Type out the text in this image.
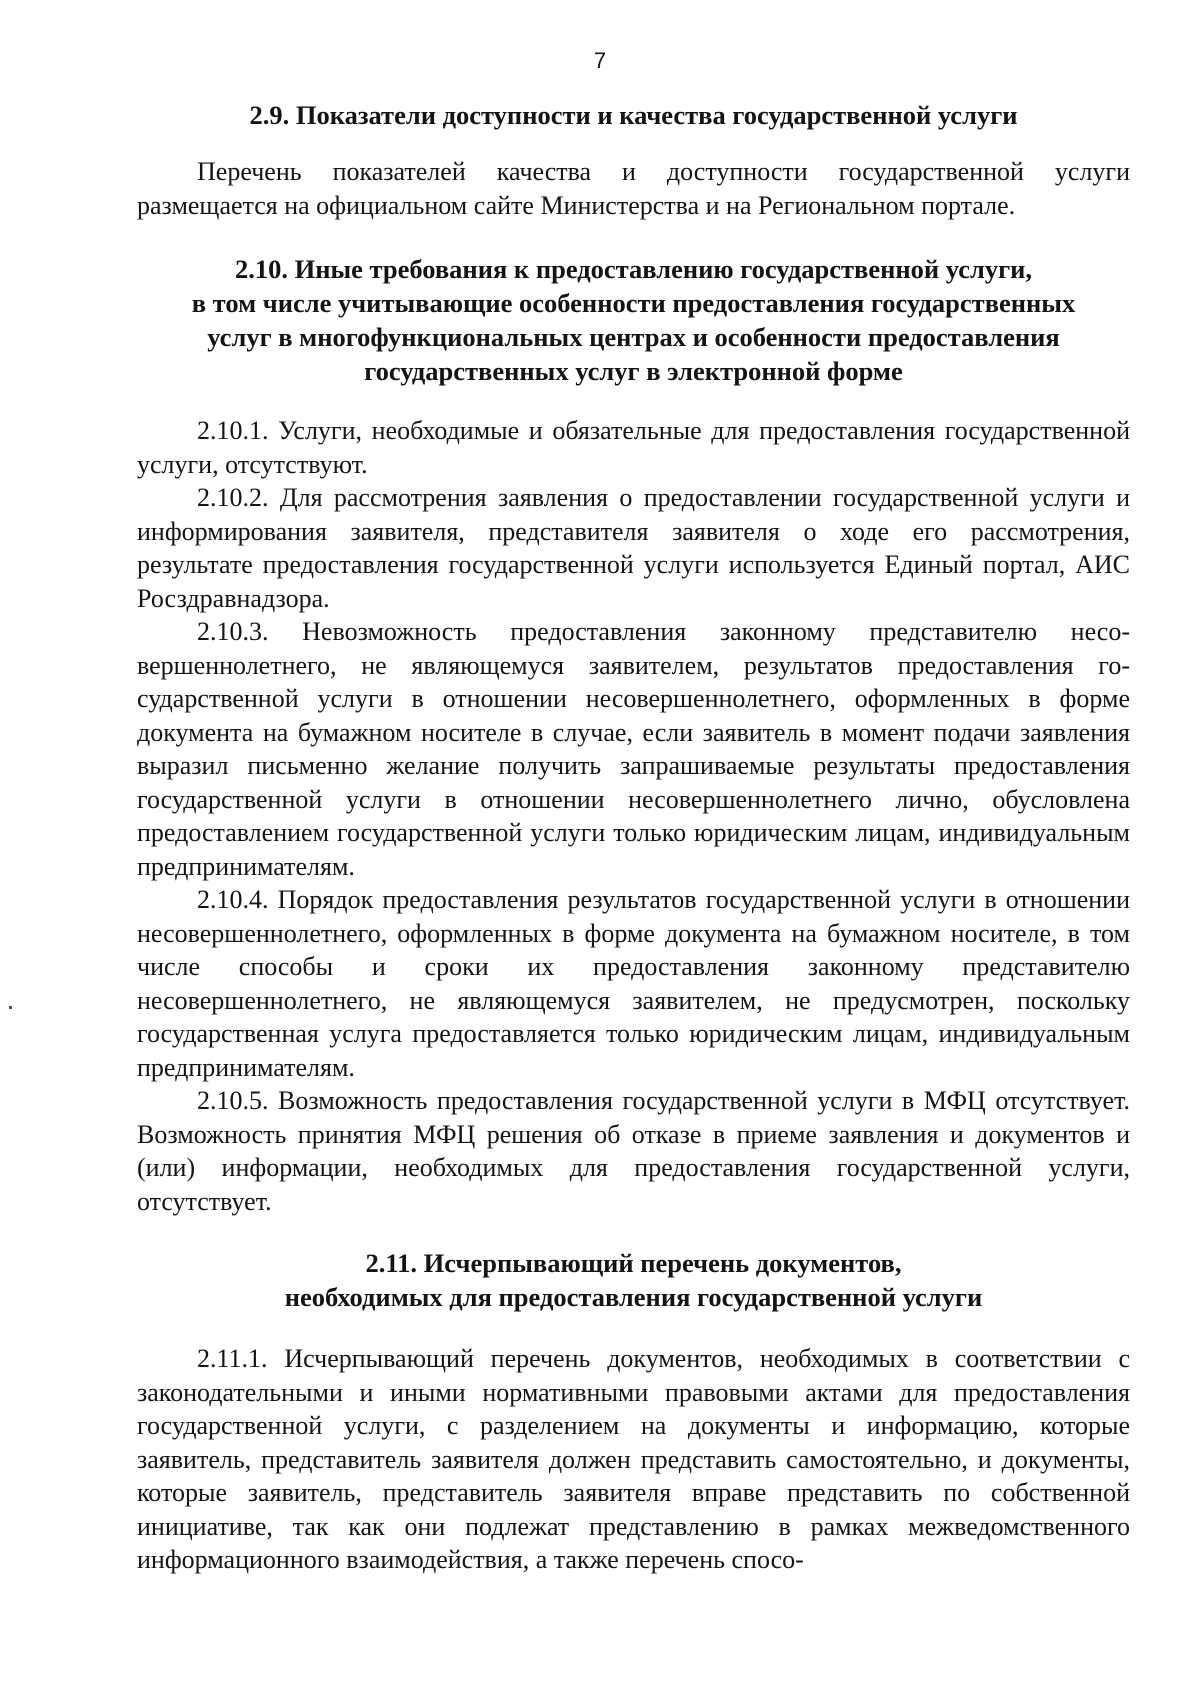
7
2.9. Показатели доступности и качества государственной услуги

Перечень показателей качества и доступности государственной услуги размещается на официальном сайте Министерства и на Региональном портале.

2.10. Иные требования к предоставлению государственной услуги,
в том числе учитывающие особенности предоставления государственных
услуг в многофункциональных центрах и особенности предоставления
государственных услуг в электронной форме

2.10.1. Услуги, необходимые и обязательные для предоставления государственной услуги, отсутствуют.

2.10.2. Для рассмотрения заявления о предоставлении государственной услуги и информирования заявителя, представителя заявителя о ходе его рассмотрения, результате предоставления государственной услуги используется Единый портал, АИС Росздравнадзора.

2.10.3. Невозможность предоставления законному представителю несовершеннолетнего, не являющемуся заявителем, результатов предоставления государственной услуги в отношении несовершеннолетнего, оформленных в форме документа на бумажном носителе в случае, если заявитель в момент подачи заявления выразил письменно желание получить запрашиваемые результаты предоставления государственной услуги в отношении несовершеннолетнего лично, обусловлена предоставлением государственной услуги только юридическим лицам, индивидуальным предпринимателям.

2.10.4. Порядок предоставления результатов государственной услуги в отношении несовершеннолетнего, оформленных в форме документа на бумажном носителе, в том числе способы и сроки их предоставления законному представителю несовершеннолетнего, не являющемуся заявителем, не предусмотрен, поскольку государственная услуга предоставляется только юридическим лицам, индивидуальным предпринимателям.

2.10.5. Возможность предоставления государственной услуги в МФЦ отсутствует. Возможность принятия МФЦ решения об отказе в приеме заявления и документов и (или) информации, необходимых для предоставления государственной услуги, отсутствует.

2.11. Исчерпывающий перечень документов,
необходимых для предоставления государственной услуги

2.11.1. Исчерпывающий перечень документов, необходимых в соответствии с законодательными и иными нормативными правовыми актами для предоставления государственной услуги, с разделением на документы и информацию, которые заявитель, представитель заявителя должен представить самостоятельно, и документы, которые заявитель, представитель заявителя вправе представить по собственной инициативе, так как они подлежат представлению в рамках межведомственного информационного взаимодействия, а также перечень спосо-
